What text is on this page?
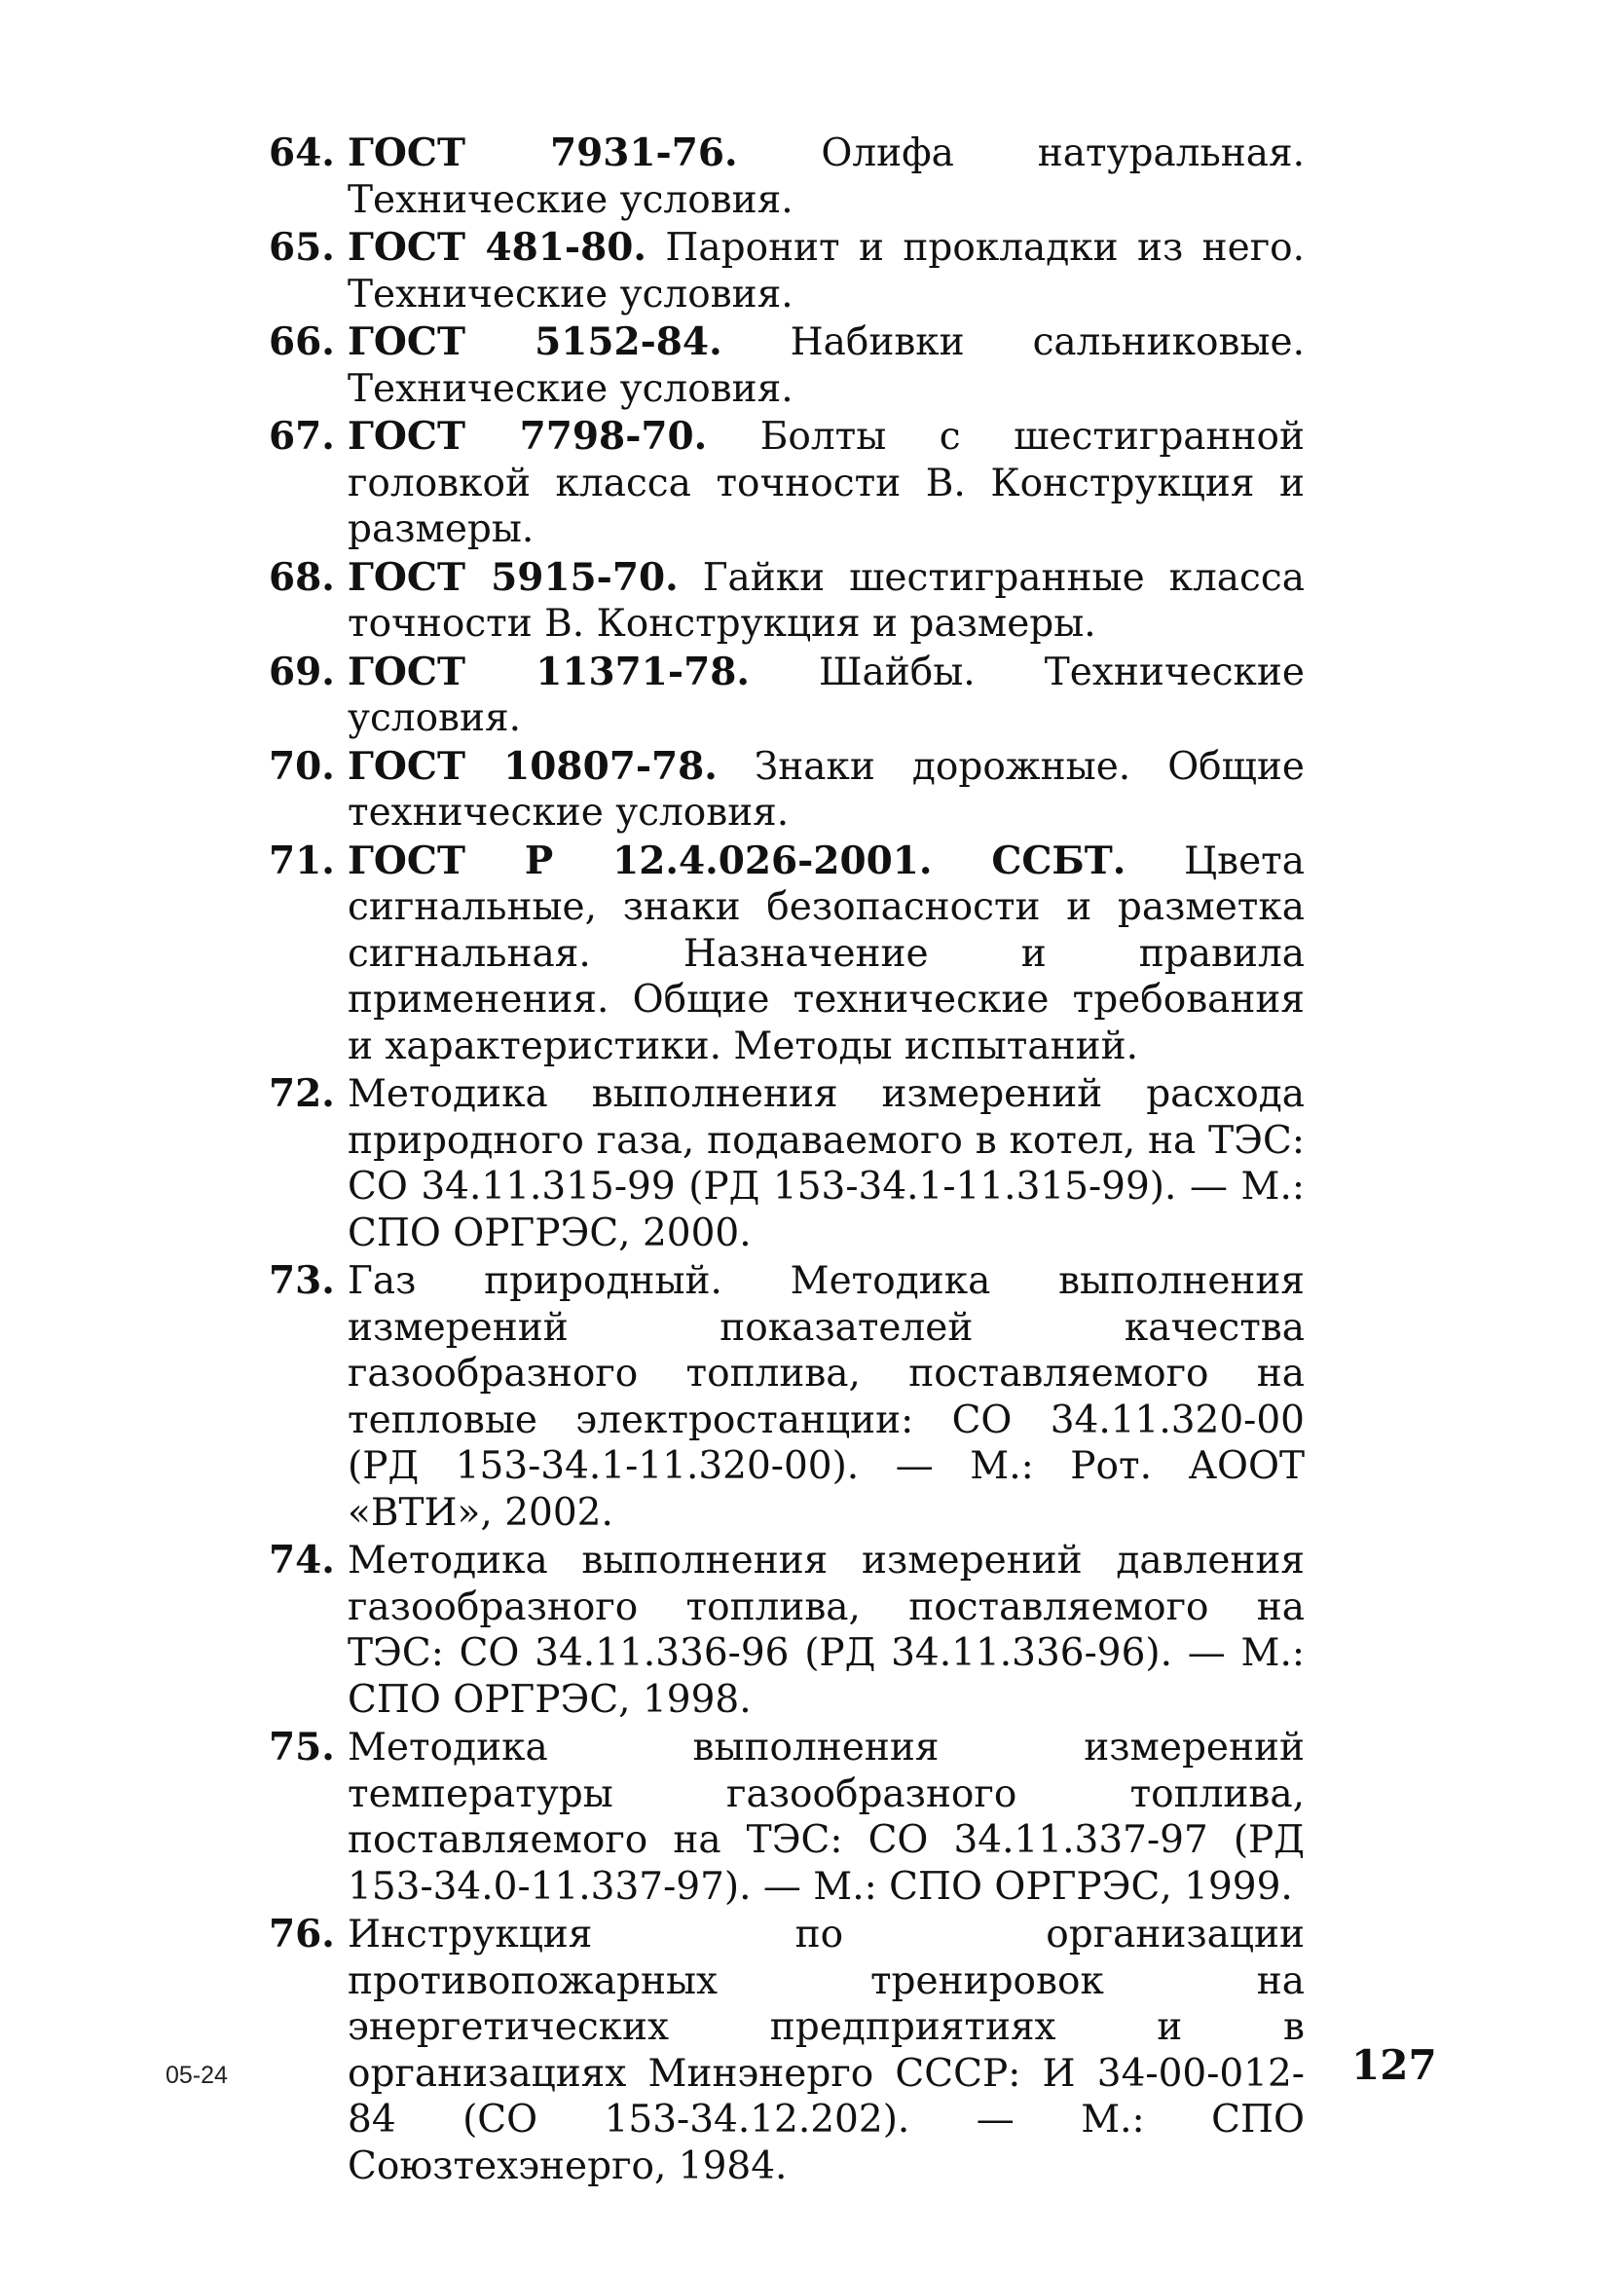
64. ГОСТ 7931-76. Олифа натуральная. Технические условия.
65. ГОСТ 481-80. Паронит и прокладки из него. Технические условия.
66. ГОСТ 5152-84. Набивки сальниковые. Технические условия.
67. ГОСТ 7798-70. Болты с шестигранной головкой класса точности В. Конструкция и размеры.
68. ГОСТ 5915-70. Гайки шестигранные класса точности В. Конструкция и размеры.
69. ГОСТ 11371-78. Шайбы. Технические условия.
70. ГОСТ 10807-78. Знаки дорожные. Общие технические условия.
71. ГОСТ Р 12.4.026-2001. ССБТ. Цвета сигнальные, знаки безопасности и разметка сигнальная. Назначение и правила применения. Общие технические требования и характеристики. Методы испытаний.
72. Методика выполнения измерений расхода природного газа, подаваемого в котел, на ТЭС: СО 34.11.315-99 (РД 153-34.1-11.315-99). — М.: СПО ОРГРЭС, 2000.
73. Газ природный. Методика выполнения измерений показателей качества газообразного топлива, поставляемого на тепловые электростанции: СО 34.11.320-00 (РД 153-34.1-11.320-00). — М.: Рот. АООТ «ВТИ», 2002.
74. Методика выполнения измерений давления газообразного топлива, поставляемого на ТЭС: СО 34.11.336-96 (РД 34.11.336-96). — М.: СПО ОРГРЭС, 1998.
75. Методика выполнения измерений температуры газообразного топлива, поставляемого на ТЭС: СО 34.11.337-97 (РД 153-34.0-11.337-97). — М.: СПО ОРГРЭС, 1999.
76. Инструкция по организации противопожарных тренировок на энергетических предприятиях и в организациях Минэнерго СССР: И 34-00-012-84 (СО 153-34.12.202). — М.: СПО Союзтехэнерго, 1984.
05-24	127
